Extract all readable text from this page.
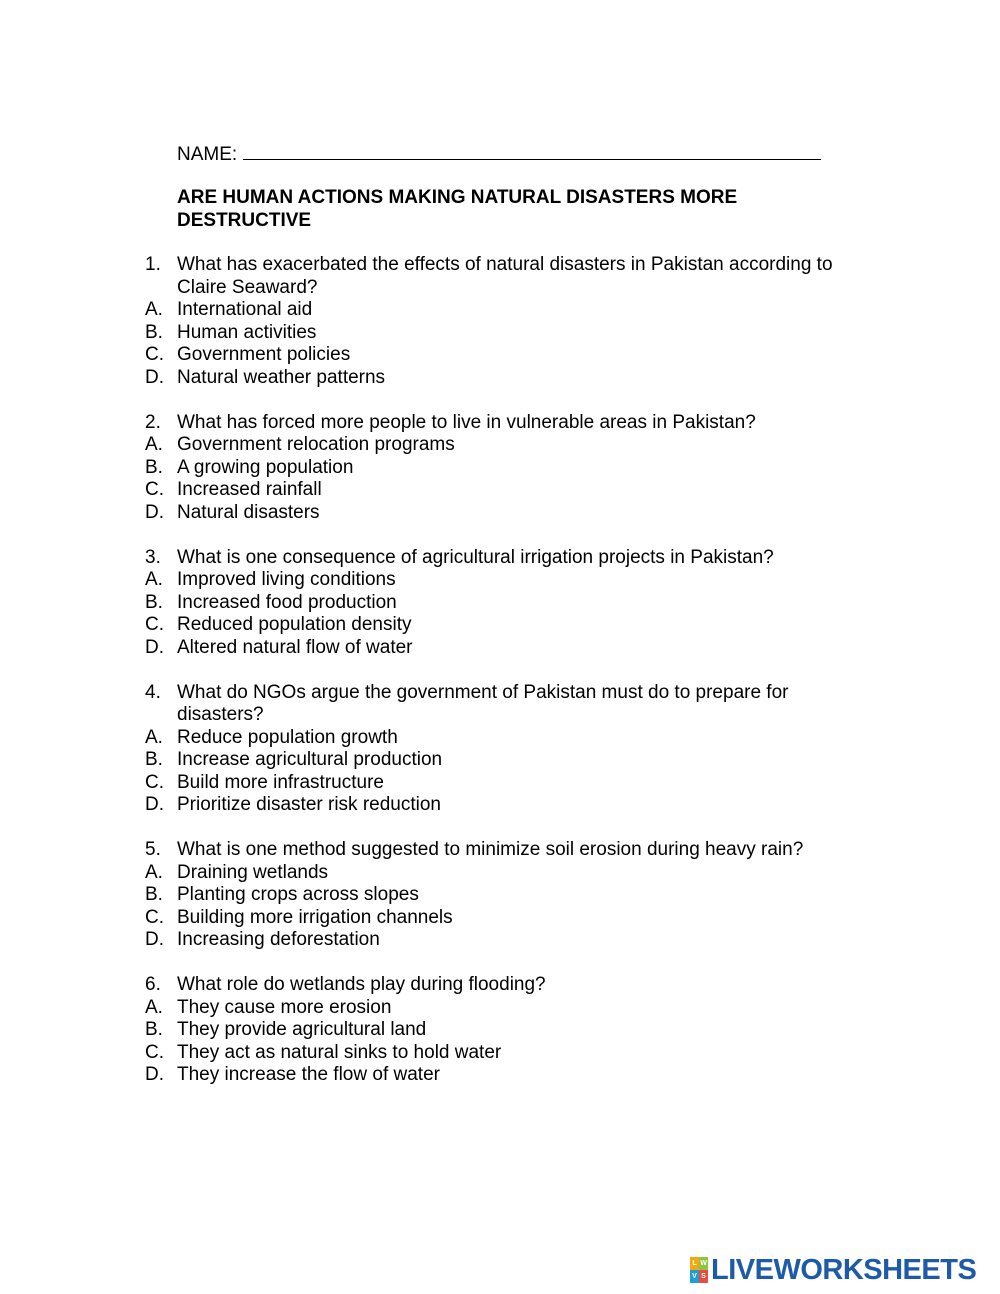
NAME:
ARE HUMAN ACTIONS MAKING NATURAL DISASTERS MORE DESTRUCTIVE
1. What has exacerbated the effects of natural disasters in Pakistan according to Claire Seaward?
A. International aid
B. Human activities
C. Government policies
D. Natural weather patterns
2. What has forced more people to live in vulnerable areas in Pakistan?
A. Government relocation programs
B. A growing population
C. Increased rainfall
D. Natural disasters
3. What is one consequence of agricultural irrigation projects in Pakistan?
A. Improved living conditions
B. Increased food production
C. Reduced population density
D. Altered natural flow of water
4. What do NGOs argue the government of Pakistan must do to prepare for disasters?
A. Reduce population growth
B. Increase agricultural production
C. Build more infrastructure
D. Prioritize disaster risk reduction
5. What is one method suggested to minimize soil erosion during heavy rain?
A. Draining wetlands
B. Planting crops across slopes
C. Building more irrigation channels
D. Increasing deforestation
6. What role do wetlands play during flooding?
A. They cause more erosion
B. They provide agricultural land
C. They act as natural sinks to hold water
D. They increase the flow of water
L W
V S LIVEWORKSHEETS
